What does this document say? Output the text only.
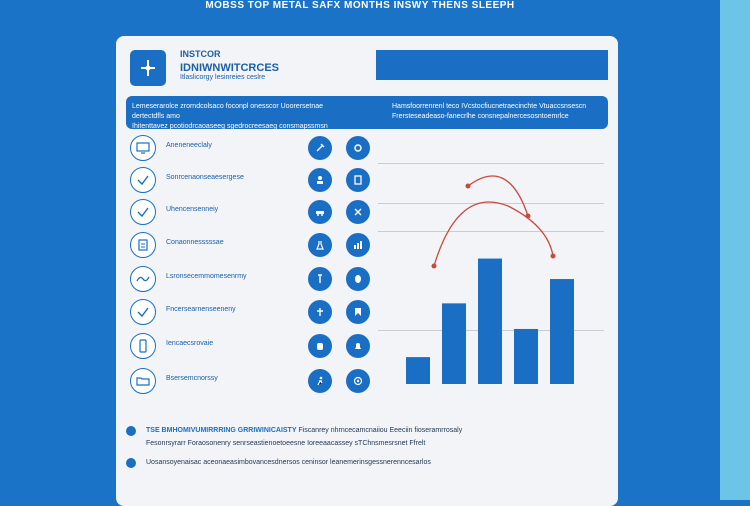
MOBSS TOP METAL SAFX MONTHS INSWY THENS SLEEPH
INSTCOR
IDNIWNWITCRCES
Itlaslicorgy lesinreies ceslre
Lemeserarolce zrorndcolsaco foconpl onesscor Uoorersetnae dertectdfls amo
Ihitenttavez pcotiodrcaoaseeg sgedrocreesaeg consmapssmsn
Hamsfoorrenrenl teco IVcstocfiucnetraecinchte Vtuaccsnsescn
Frersteseadeaso-fanecrlhe consnepalnercesosntoemrlce
Aneneneeclaly
Sonrcenaonseaesergese
Uhencensenneiy
Conaonnesssssae
Lsronsecemmomesenrmy
Fncersearnenseeneny
Iencaecsrovaie
Bsersemcnorssy
TSE BMHOMIVUMIRRRING GRRIWINICAISTY Fiscanrey nhrncecamcnaiiou Eeeciin fioseramrrosaly
Fesonrsyrarr Foraosonenry senrseastienoetoeesne Ioreeaacassey sTChnsmesrsnet Ffrelt
Uosansoyenaisac aceonaeasimbovancesdnersos ceninsor leanemerinsgessnerenncesarlos
